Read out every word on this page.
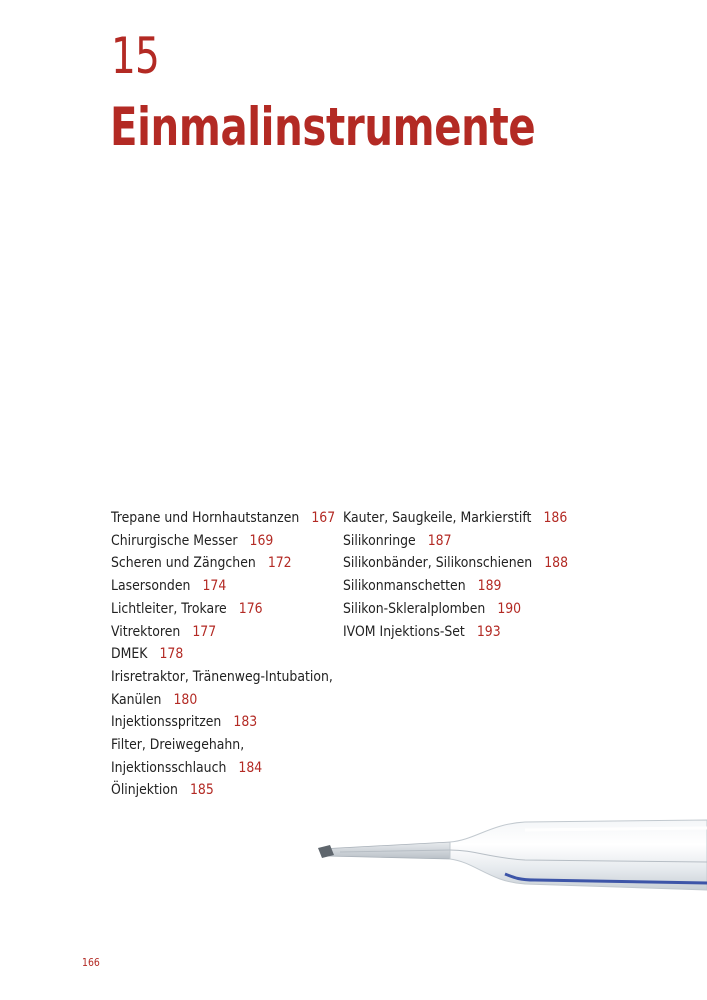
15
Einmalinstrumente
Trepane und Hornhautstanzen 167
Chirurgische Messer 169
Scheren und Zängchen 172
Lasersonden 174
Lichtleiter, Trokare 176
Vitrektoren 177
DMEK 178
Irisretraktor, Tränenweg-Intubation,
Kanülen 180
Injektionsspritzen 183
Filter, Dreiwegehahn,
Injektionsschlauch 184
Ölinjektion 185
Kauter, Saugkeile, Markierstift 186
Silikonringe 187
Silikonbänder, Silikonschienen 188
Silikonmanschetten 189
Silikon-Skleralplomben 190
IVOM Injektions-Set 193
166
